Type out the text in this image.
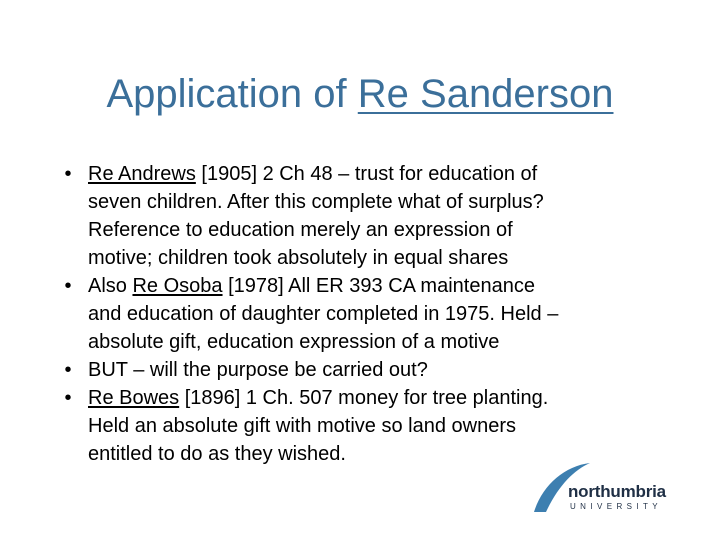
Application of Re Sanderson
• Re Andrews [1905] 2 Ch 48 – trust for education of
seven children. After this complete what of surplus?
Reference to education merely an expression of
motive; children took absolutely in equal shares
• Also Re Osoba [1978] All ER 393 CA maintenance
and education of daughter completed in 1975. Held –
absolute gift, education expression of a motive
• BUT – will the purpose be carried out?
• Re Bowes [1896] 1 Ch. 507 money for tree planting.
Held an absolute gift with motive so land owners
entitled to do as they wished.
northumbria
UNIVERSITY
